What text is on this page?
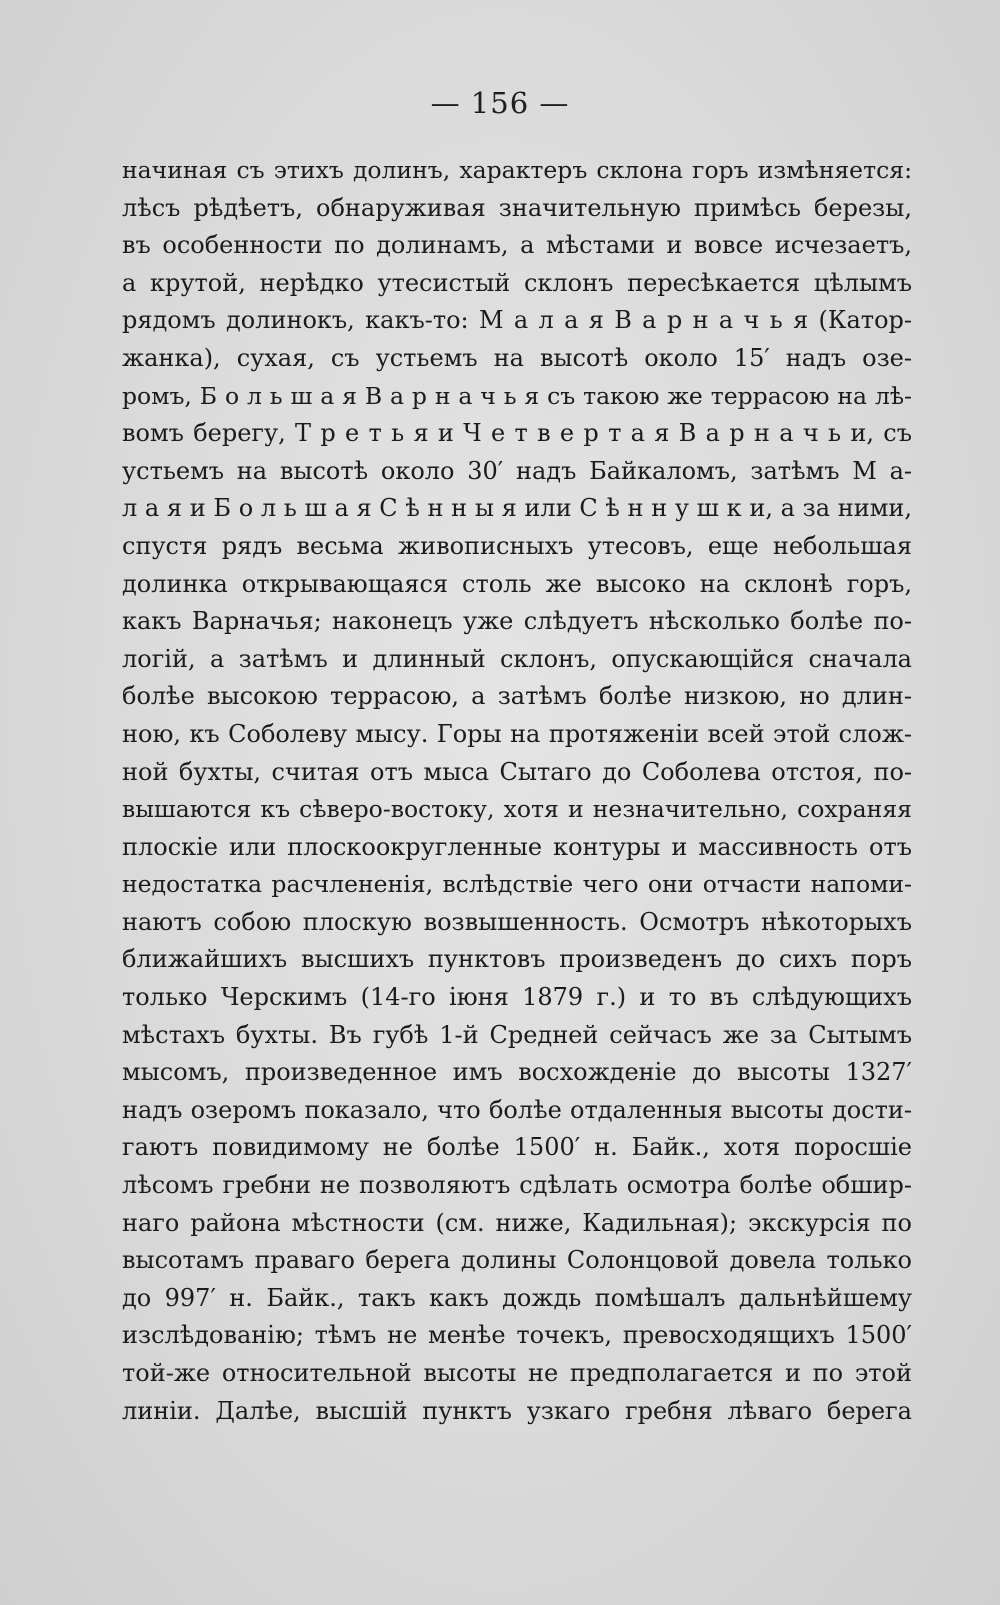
— 156 —
начиная съ этихъ долинъ, характеръ склона горъ измѣняется:
лѣсъ рѣдѣетъ, обнаруживая значительную примѣсь березы,
въ особенности по долинамъ, а мѣстами и вовсе исчезаетъ,
а крутой, нерѣдко утесистый склонъ пересѣкается цѣлымъ
рядомъ долинокъ, какъ-то: М а л а я В а р н а ч ь я (Катор-
жанка), сухая, съ устьемъ на высотѣ около 15′ надъ озе-
ромъ, Б о л ь ш а я В а р н а ч ь я съ такою же террасою на лѣ-
вомъ берегу, Т р е т ь я и Ч е т в е р т а я В а р н а ч ь и, съ
устьемъ на высотѣ около 30′ надъ Байкаломъ, затѣмъ М а-
л а я и Б о л ь ш а я С ѣ н н ы я или С ѣ н н у ш к и, а за ними,
спустя рядъ весьма живописныхъ утесовъ, еще небольшая
долинка открывающаяся столь же высоко на склонѣ горъ,
какъ Варначья; наконецъ уже слѣдуетъ нѣсколько болѣе по-
логій, а затѣмъ и длинный склонъ, опускающійся сначала
болѣе высокою террасою, а затѣмъ болѣе низкою, но длин-
ною, къ Соболеву мысу. Горы на протяженіи всей этой слож-
ной бухты, считая отъ мыса Сытаго до Соболева отстоя, по-
вышаются къ сѣверо-востоку, хотя и незначительно, сохраняя
плоскіе или плоскоокругленные контуры и массивность отъ
недостатка расчлененія, вслѣдствіе чего они отчасти напоми-
наютъ собою плоскую возвышенность. Осмотръ нѣкоторыхъ
ближайшихъ высшихъ пунктовъ произведенъ до сихъ поръ
только Черскимъ (14-го іюня 1879 г.) и то въ слѣдующихъ
мѣстахъ бухты. Въ губѣ 1-й Средней сейчасъ же за Сытымъ
мысомъ, произведенное имъ восхожденіе до высоты 1327′
надъ озеромъ показало, что болѣе отдаленныя высоты дости-
гаютъ повидимому не болѣе 1500′ н. Байк., хотя поросшіе
лѣсомъ гребни не позволяютъ сдѣлать осмотра болѣе обшир-
наго района мѣстности (см. ниже, Кадильная); экскурсія по
высотамъ праваго берега долины Солонцовой довела только
до 997′ н. Байк., такъ какъ дождь помѣшалъ дальнѣйшему
изслѣдованію; тѣмъ не менѣе точекъ, превосходящихъ 1500′
той-же относительной высоты не предполагается и по этой
линіи. Далѣе, высшій пунктъ узкаго гребня лѣваго берега
